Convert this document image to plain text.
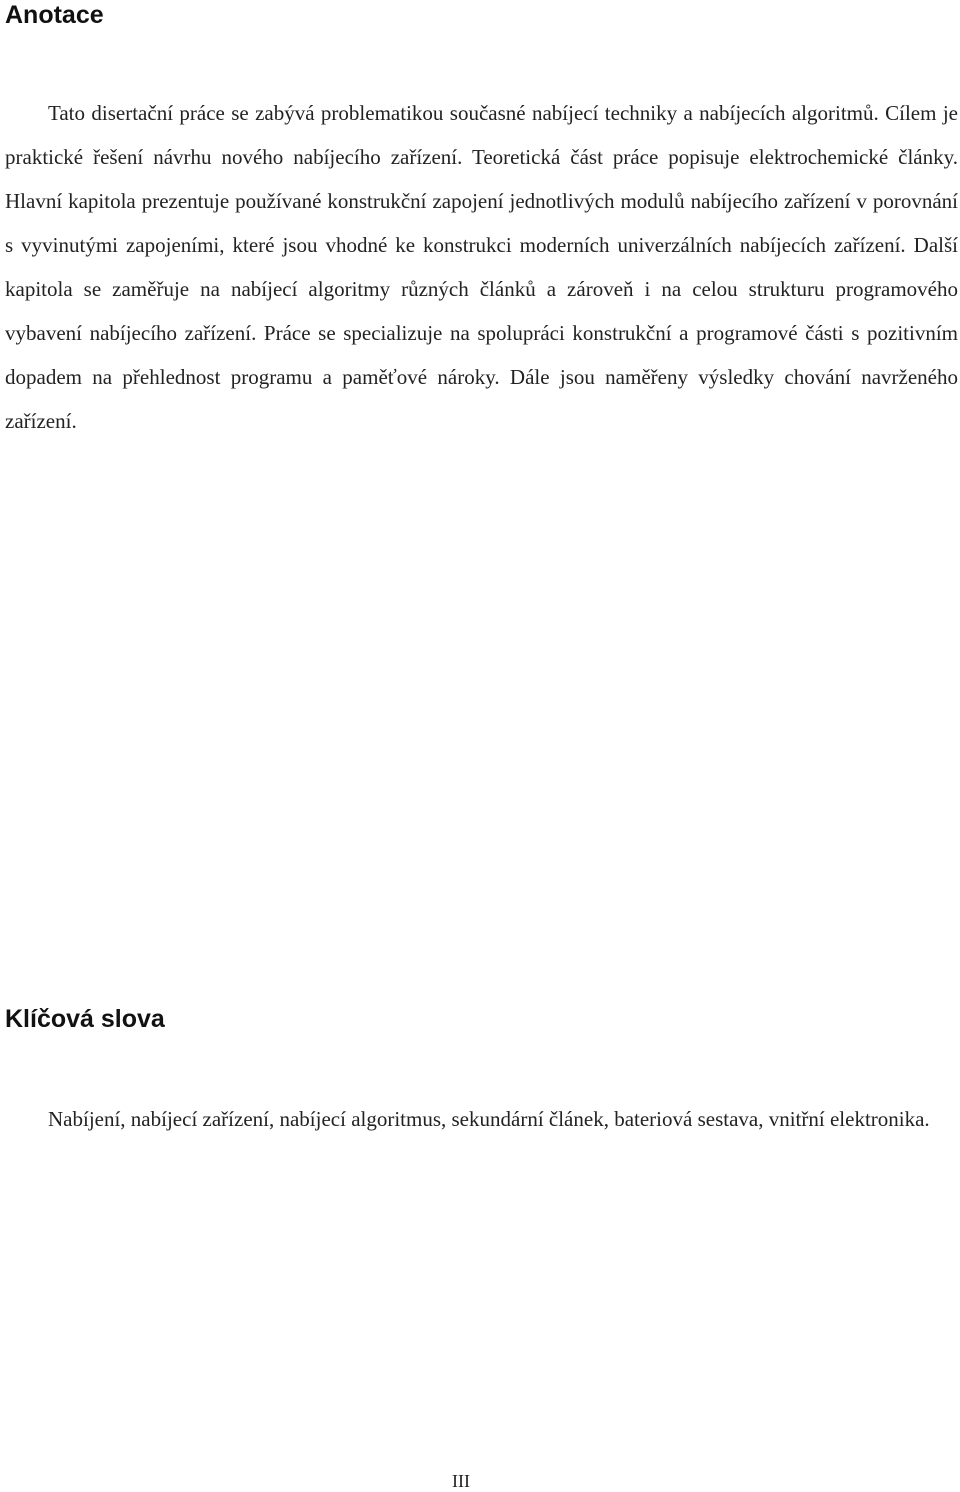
Anotace

Tato disertační práce se zabývá problematikou současné nabíjecí techniky a nabíjecích algoritmů. Cílem je praktické řešení návrhu nového nabíjecího zařízení. Teoretická část práce popisuje elektrochemické články. Hlavní kapitola prezentuje používané konstrukční zapojení jednotlivých modulů nabíjecího zařízení v porovnání s vyvinutými zapojeními, které jsou vhodné ke konstrukci moderních univerzálních nabíjecích zařízení. Další kapitola se zaměřuje na nabíjecí algoritmy různých článků a zároveň i na celou strukturu programového vybavení nabíjecího zařízení. Práce se specializuje na spolupráci konstrukční a programové části s pozitivním dopadem na přehlednost programu a paměťové nároky. Dále jsou naměřeny výsledky chování navrženého zařízení.

Klíčová slova

Nabíjení, nabíjecí zařízení, nabíjecí algoritmus, sekundární článek, bateriová sestava, vnitřní elektronika.

III
